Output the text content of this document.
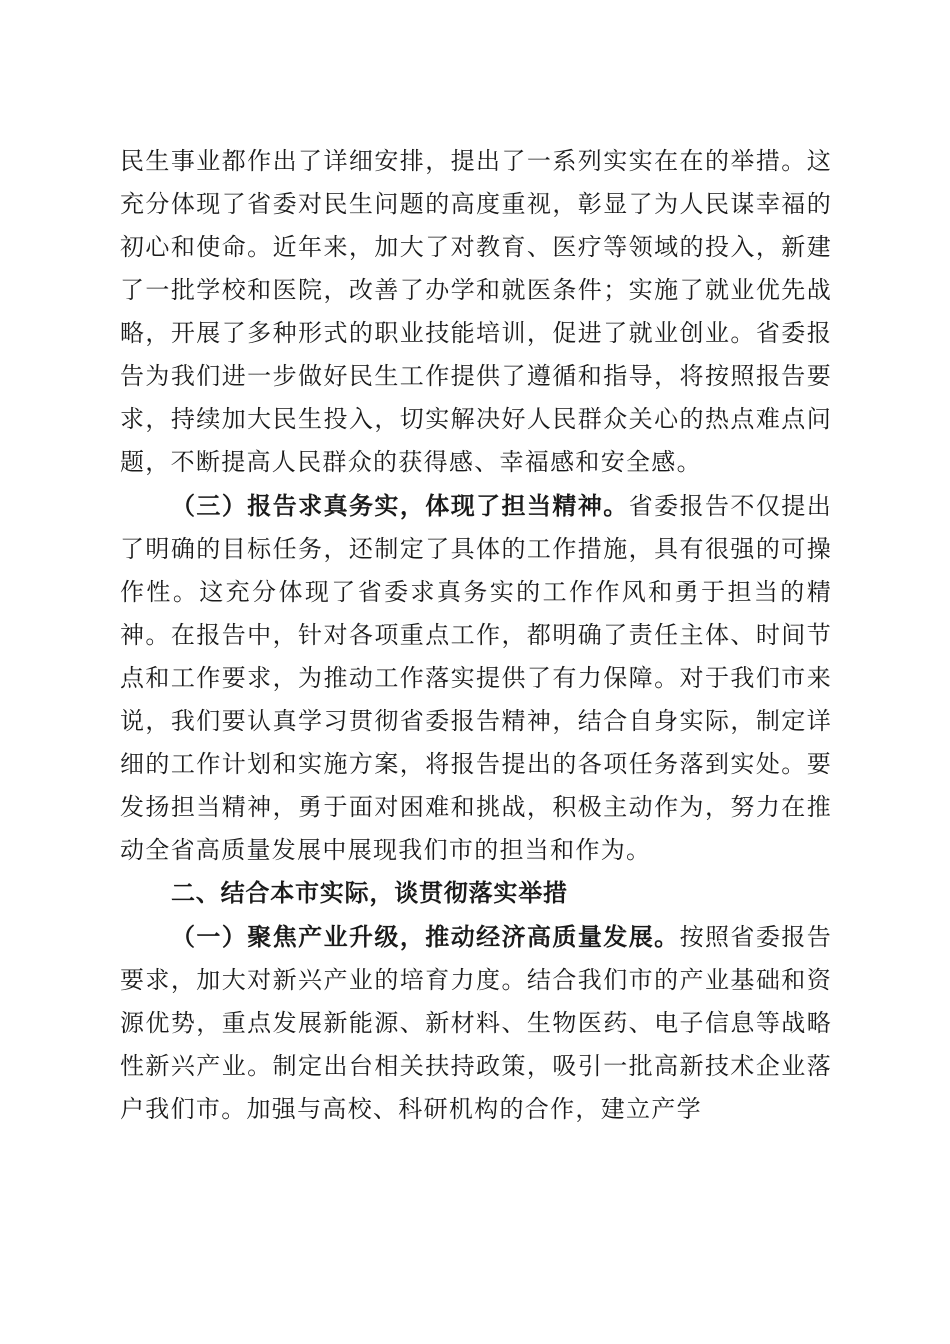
民生事业都作出了详细安排，提出了一系列实实在在的举措。这充分体现了省委对民生问题的高度重视，彰显了为人民谋幸福的初心和使命。近年来，加大了对教育、医疗等领域的投入，新建了一批学校和医院，改善了办学和就医条件；实施了就业优先战略，开展了多种形式的职业技能培训，促进了就业创业。省委报告为我们进一步做好民生工作提供了遵循和指导，将按照报告要求，持续加大民生投入，切实解决好人民群众关心的热点难点问题，不断提高人民群众的获得感、幸福感和安全感。

（三）报告求真务实，体现了担当精神。省委报告不仅提出了明确的目标任务，还制定了具体的工作措施，具有很强的可操作性。这充分体现了省委求真务实的工作作风和勇于担当的精神。在报告中，针对各项重点工作，都明确了责任主体、时间节点和工作要求，为推动工作落实提供了有力保障。对于我们市来说，我们要认真学习贯彻省委报告精神，结合自身实际，制定详细的工作计划和实施方案，将报告提出的各项任务落到实处。要发扬担当精神，勇于面对困难和挑战，积极主动作为，努力在推动全省高质量发展中展现我们市的担当和作为。

二、结合本市实际，谈贯彻落实举措

（一）聚焦产业升级，推动经济高质量发展。按照省委报告要求，加大对新兴产业的培育力度。结合我们市的产业基础和资源优势，重点发展新能源、新材料、生物医药、电子信息等战略性新兴产业。制定出台相关扶持政策，吸引一批高新技术企业落户我们市。加强与高校、科研机构的合作，建立产学
